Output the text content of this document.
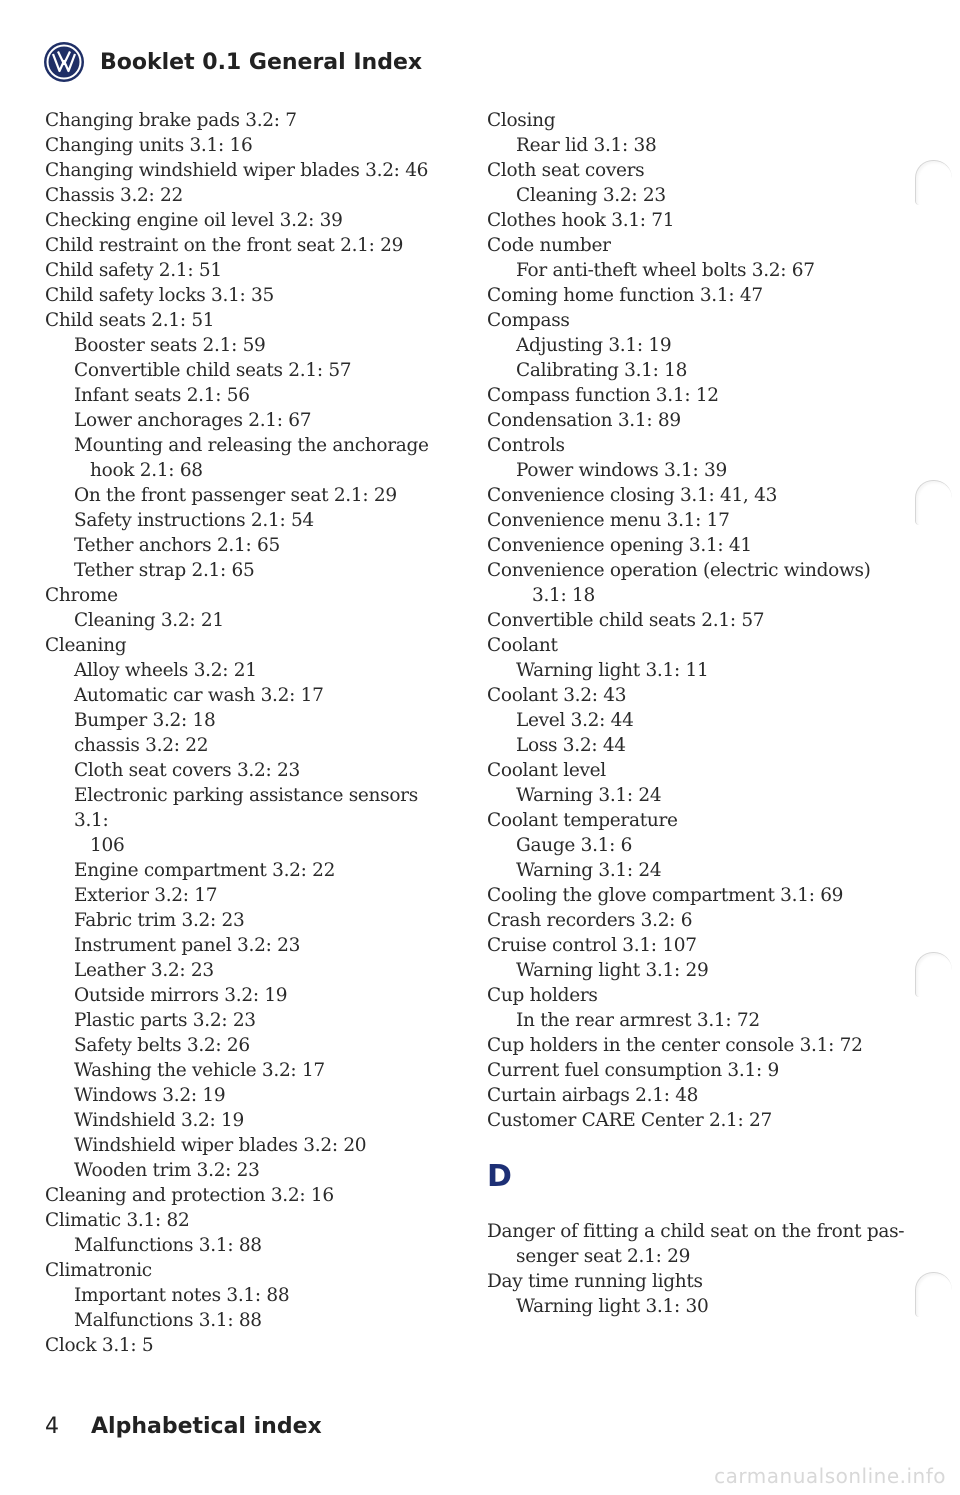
Booklet 0.1 General Index
Changing brake pads 3.2: 7
Changing units 3.1: 16
Changing windshield wiper blades 3.2: 46
Chassis 3.2: 22
Checking engine oil level 3.2: 39
Child restraint on the front seat 2.1: 29
Child safety 2.1: 51
Child safety locks 3.1: 35
Child seats 2.1: 51
Booster seats 2.1: 59
Convertible child seats 2.1: 57
Infant seats 2.1: 56
Lower anchorages 2.1: 67
Mounting and releasing the anchorage
hook 2.1: 68
On the front passenger seat 2.1: 29
Safety instructions 2.1: 54
Tether anchors 2.1: 65
Tether strap 2.1: 65
Chrome
Cleaning 3.2: 21
Cleaning
Alloy wheels 3.2: 21
Automatic car wash 3.2: 17
Bumper 3.2: 18
chassis 3.2: 22
Cloth seat covers 3.2: 23
Electronic parking assistance sensors 3.1:
106
Engine compartment 3.2: 22
Exterior 3.2: 17
Fabric trim 3.2: 23
Instrument panel 3.2: 23
Leather 3.2: 23
Outside mirrors 3.2: 19
Plastic parts 3.2: 23
Safety belts 3.2: 26
Washing the vehicle 3.2: 17
Windows 3.2: 19
Windshield 3.2: 19
Windshield wiper blades 3.2: 20
Wooden trim 3.2: 23
Cleaning and protection 3.2: 16
Climatic 3.1: 82
Malfunctions 3.1: 88
Climatronic
Important notes 3.1: 88
Malfunctions 3.1: 88
Clock 3.1: 5
Closing
Rear lid 3.1: 38
Cloth seat covers
Cleaning 3.2: 23
Clothes hook 3.1: 71
Code number
For anti-theft wheel bolts 3.2: 67
Coming home function 3.1: 47
Compass
Adjusting 3.1: 19
Calibrating 3.1: 18
Compass function 3.1: 12
Condensation 3.1: 89
Controls
Power windows 3.1: 39
Convenience closing 3.1: 41, 43
Convenience menu 3.1: 17
Convenience opening 3.1: 41
Convenience operation (electric windows)
3.1: 18
Convertible child seats 2.1: 57
Coolant
Warning light 3.1: 11
Coolant 3.2: 43
Level 3.2: 44
Loss 3.2: 44
Coolant level
Warning 3.1: 24
Coolant temperature
Gauge 3.1: 6
Warning 3.1: 24
Cooling the glove compartment 3.1: 69
Crash recorders 3.2: 6
Cruise control 3.1: 107
Warning light 3.1: 29
Cup holders
In the rear armrest 3.1: 72
Cup holders in the center console 3.1: 72
Current fuel consumption 3.1: 9
Curtain airbags 2.1: 48
Customer CARE Center 2.1: 27
D
Danger of fitting a child seat on the front pas-
senger seat 2.1: 29
Day time running lights
Warning light 3.1: 30
4 Alphabetical index
carmanualsonline.info
